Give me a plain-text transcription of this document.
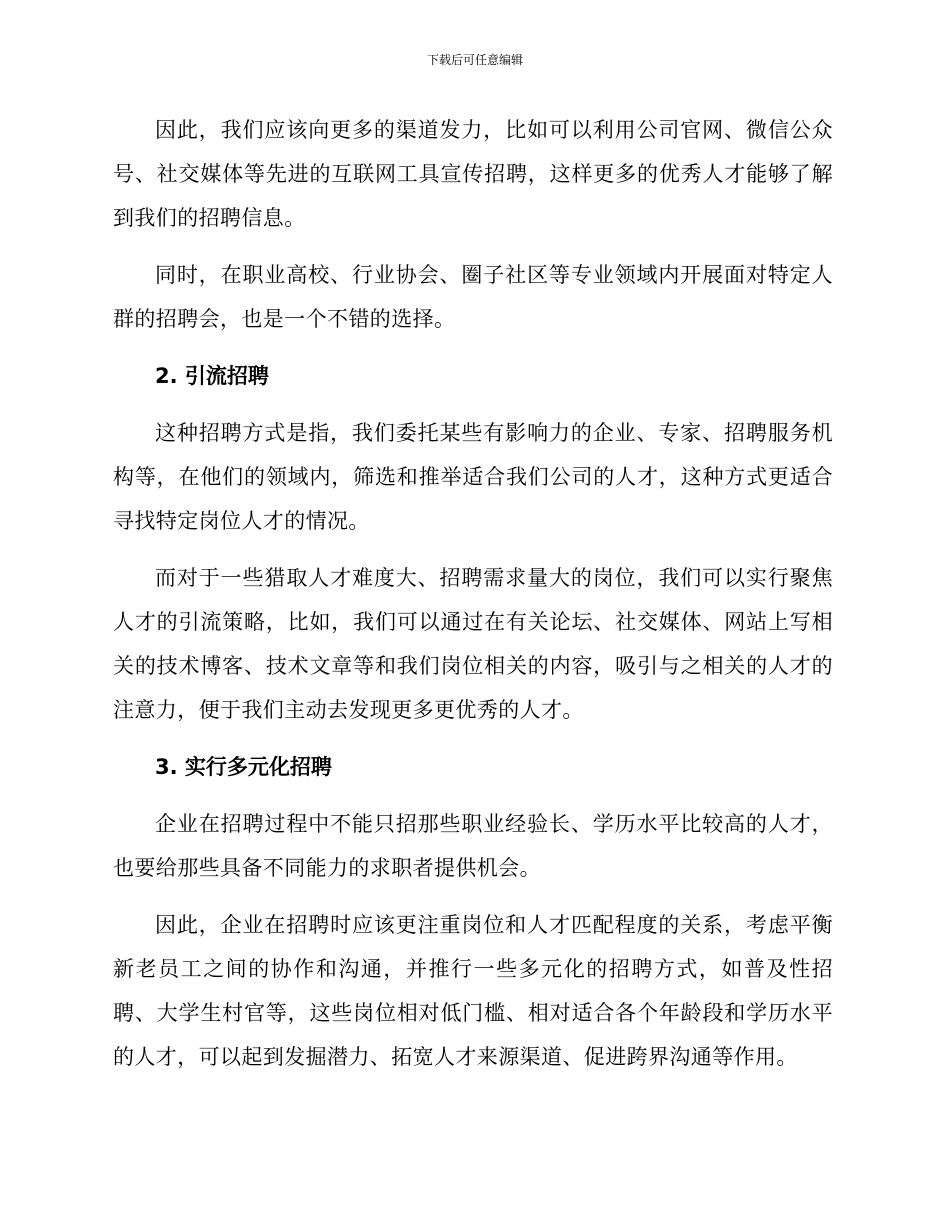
下载后可任意编辑

因此，我们应该向更多的渠道发力，比如可以利用公司官网、微信公众号、社交媒体等先进的互联网工具宣传招聘，这样更多的优秀人才能够了解到我们的招聘信息。

同时，在职业高校、行业协会、圈子社区等专业领域内开展面对特定人群的招聘会，也是一个不错的选择。

2. 引流招聘

这种招聘方式是指，我们委托某些有影响力的企业、专家、招聘服务机构等，在他们的领域内，筛选和推举适合我们公司的人才，这种方式更适合寻找特定岗位人才的情况。

而对于一些猎取人才难度大、招聘需求量大的岗位，我们可以实行聚焦人才的引流策略，比如，我们可以通过在有关论坛、社交媒体、网站上写相关的技术博客、技术文章等和我们岗位相关的内容，吸引与之相关的人才的注意力，便于我们主动去发现更多更优秀的人才。

3. 实行多元化招聘

企业在招聘过程中不能只招那些职业经验长、学历水平比较高的人才，也要给那些具备不同能力的求职者提供机会。

因此，企业在招聘时应该更注重岗位和人才匹配程度的关系，考虑平衡新老员工之间的协作和沟通，并推行一些多元化的招聘方式，如普及性招聘、大学生村官等，这些岗位相对低门槛、相对适合各个年龄段和学历水平的人才，可以起到发掘潜力、拓宽人才来源渠道、促进跨界沟通等作用。
